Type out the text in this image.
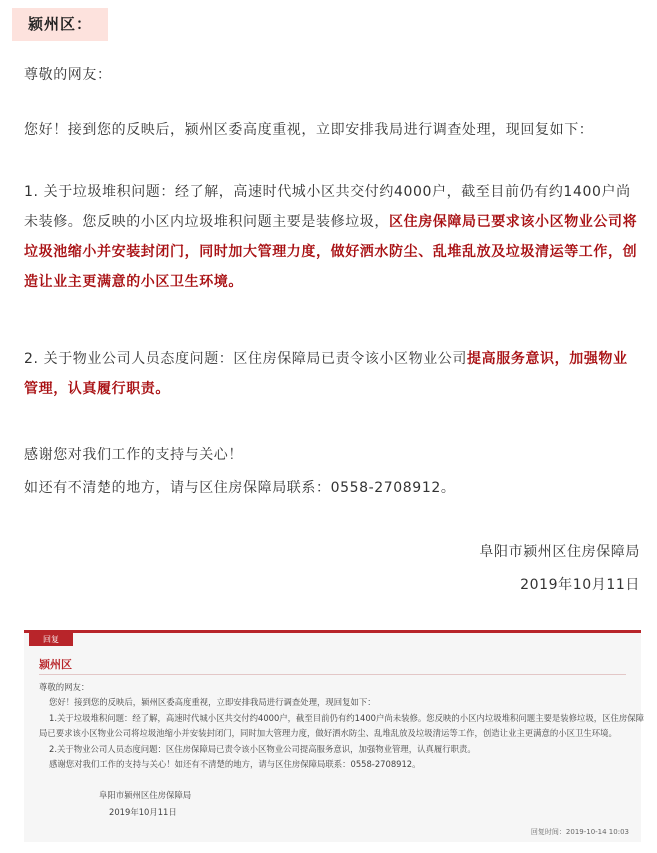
颍州区：

尊敬的网友：

您好！接到您的反映后，颍州区委高度重视，立即安排我局进行调查处理，现回复如下：

1. 关于垃圾堆积问题：经了解，高速时代城小区共交付约4000户，截至目前仍有约1400户尚未装修。您反映的小区内垃圾堆积问题主要是装修垃圾，区住房保障局已要求该小区物业公司将垃圾池缩小并安装封闭门，同时加大管理力度，做好洒水防尘、乱堆乱放及垃圾清运等工作，创造让业主更满意的小区卫生环境。

2. 关于物业公司人员态度问题：区住房保障局已责令该小区物业公司提高服务意识，加强物业管理，认真履行职责。

感谢您对我们工作的支持与关心！

如还有不清楚的地方，请与区住房保障局联系：0558-2708912。

阜阳市颍州区住房保障局

2019年10月11日

回复
颍州区
尊敬的网友：
您好！接到您的反映后，颍州区委高度重视，立即安排我局进行调查处理，现回复如下：
1.关于垃圾堆积问题：经了解，高速时代城小区共交付约4000户，截至目前仍有约1400户尚未装修。您反映的小区内垃圾堆积问题主要是装修垃圾，区住房保障
局已要求该小区物业公司将垃圾池缩小并安装封闭门，同时加大管理力度，做好洒水防尘、乱堆乱放及垃圾清运等工作，创造让业主更满意的小区卫生环境。
2.关于物业公司人员态度问题：区住房保障局已责令该小区物业公司提高服务意识，加强物业管理，认真履行职责。
感谢您对我们工作的支持与关心！如还有不清楚的地方，请与区住房保障局联系：0558-2708912。
阜阳市颍州区住房保障局
2019年10月11日
回复时间：2019-10-14 10:03
